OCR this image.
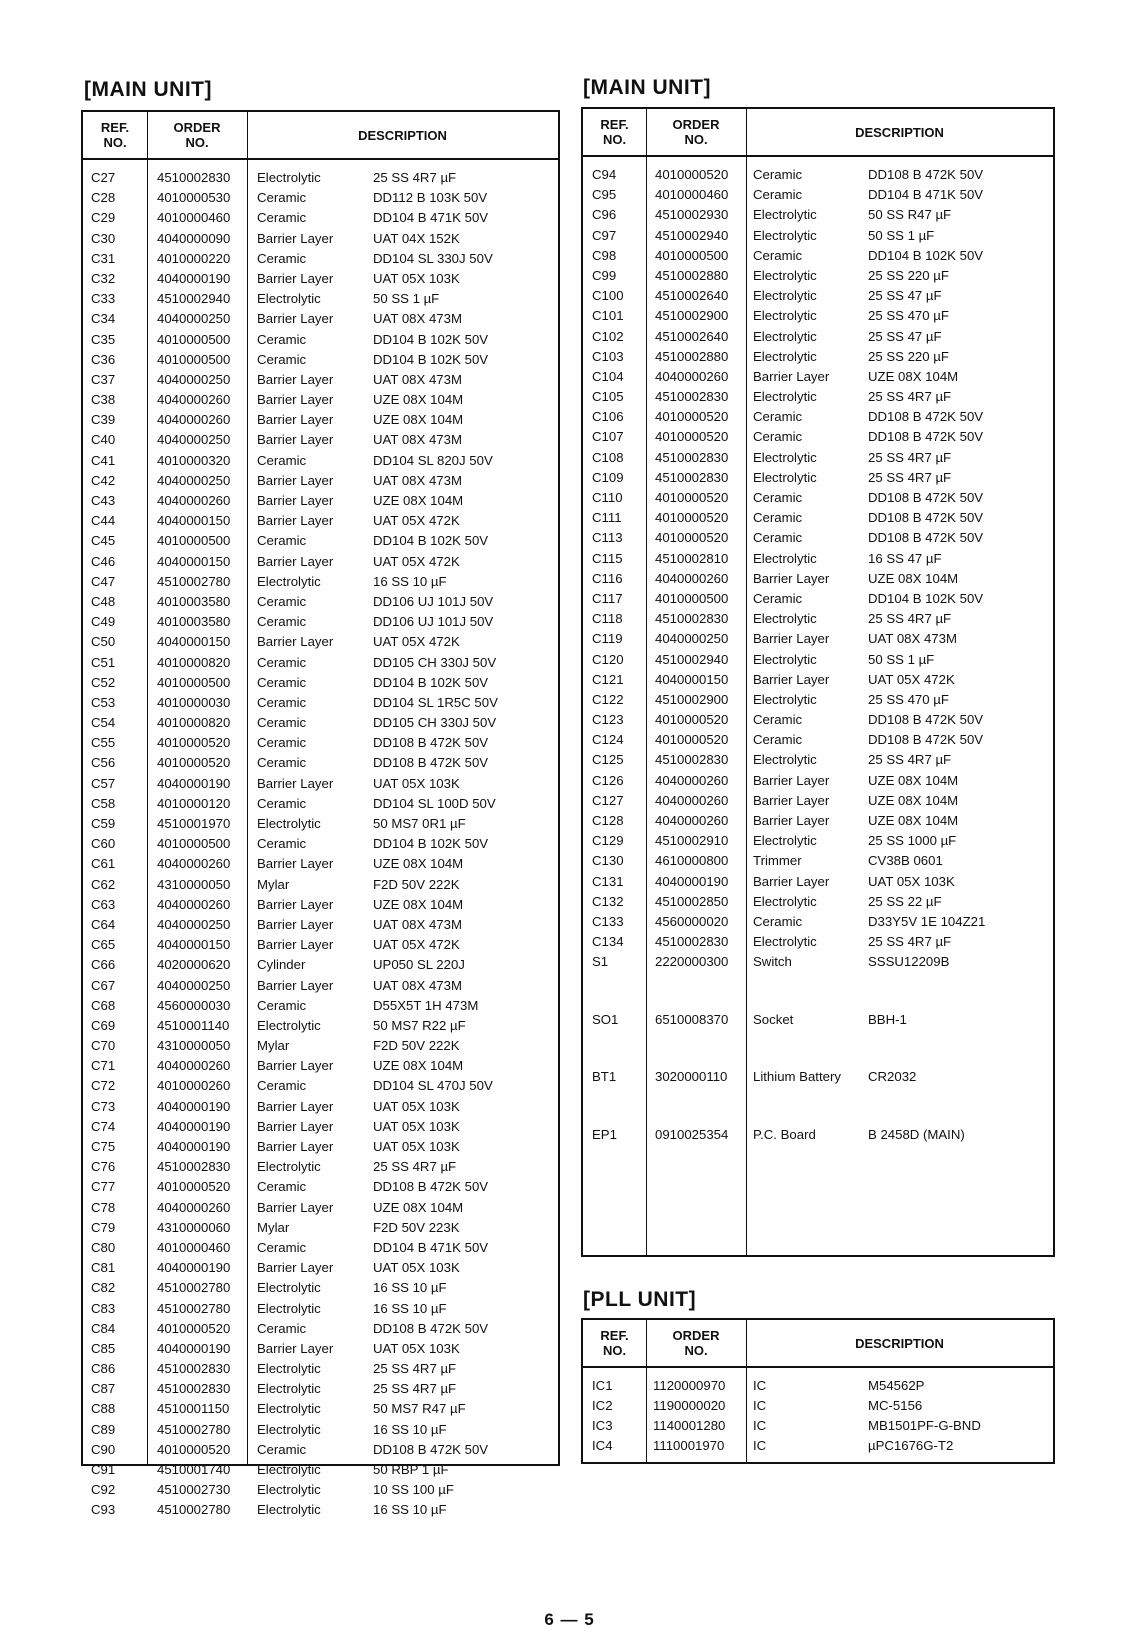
[MAIN UNIT]
REF.
NO.
ORDER
NO.	DESCRIPTION
C27	4510002830 Electrolytic	25 SS 4R7 µF
C28	4010000530 Ceramic	DD112 B 103K 50V
C29	4010000460 Ceramic	DD104 B 471K 50V
C30	4040000090 Barrier Layer	UAT 04X 152K
C31	4010000220 Ceramic	DD104 SL 330J 50V
C32	4040000190 Barrier Layer	UAT 05X 103K
C33	4510002940 Electrolytic	50 SS 1 µF
C34	4040000250 Barrier Layer	UAT 08X 473M
C35	4010000500 Ceramic	DD104 B 102K 50V
C36	4010000500 Ceramic	DD104 B 102K 50V
C37	4040000250 Barrier Layer	UAT 08X 473M
C38	4040000260 Barrier Layer	UZE 08X 104M
C39	4040000260 Barrier Layer	UZE 08X 104M
C40	4040000250 Barrier Layer	UAT 08X 473M
C41	4010000320 Ceramic	DD104 SL 820J 50V
C42	4040000250 Barrier Layer	UAT 08X 473M
C43	4040000260 Barrier Layer	UZE 08X 104M
C44	4040000150 Barrier Layer	UAT 05X 472K
C45	4010000500 Ceramic	DD104 B 102K 50V
C46	4040000150 Barrier Layer	UAT 05X 472K
C47	4510002780 Electrolytic	16 SS 10 µF
C48	4010003580 Ceramic	DD106 UJ 101J 50V
C49	4010003580 Ceramic	DD106 UJ 101J 50V
C50	4040000150 Barrier Layer	UAT 05X 472K
C51	4010000820 Ceramic	DD105 CH 330J 50V
C52	4010000500 Ceramic	DD104 B 102K 50V
C53	4010000030 Ceramic	DD104 SL 1R5C 50V
C54	4010000820 Ceramic	DD105 CH 330J 50V
C55	4010000520 Ceramic	DD108 B 472K 50V
C56	4010000520 Ceramic	DD108 B 472K 50V
C57	4040000190 Barrier Layer	UAT 05X 103K
C58	4010000120 Ceramic	DD104 SL 100D 50V
C59	4510001970 Electrolytic	50 MS7 0R1 µF
C60	4010000500 Ceramic	DD104 B 102K 50V
C61	4040000260 Barrier Layer	UZE 08X 104M
C62	4310000050 Mylar	F2D 50V 222K
C63	4040000260 Barrier Layer	UZE 08X 104M
C64	4040000250 Barrier Layer	UAT 08X 473M
C65	4040000150 Barrier Layer	UAT 05X 472K
C66	4020000620 Cylinder	UP050 SL 220J
C67	4040000250 Barrier Layer	UAT 08X 473M
C68	4560000030 Ceramic	D55X5T 1H 473M
C69	4510001140 Electrolytic	50 MS7 R22 µF
C70	4310000050 Mylar	F2D 50V 222K
C71	4040000260 Barrier Layer	UZE 08X 104M
C72	4010000260 Ceramic	DD104 SL 470J 50V
C73	4040000190 Barrier Layer	UAT 05X 103K
C74	4040000190 Barrier Layer	UAT 05X 103K
C75	4040000190 Barrier Layer	UAT 05X 103K
C76	4510002830 Electrolytic	25 SS 4R7 µF
C77	4010000520 Ceramic	DD108 B 472K 50V
C78	4040000260 Barrier Layer	UZE 08X 104M
C79	4310000060 Mylar	F2D 50V 223K
C80	4010000460 Ceramic	DD104 B 471K 50V
C81	4040000190 Barrier Layer	UAT 05X 103K
C82	4510002780 Electrolytic	16 SS 10 µF
C83	4510002780 Electrolytic	16 SS 10 µF
C84	4010000520 Ceramic	DD108 B 472K 50V
C85	4040000190 Barrier Layer	UAT 05X 103K
C86	4510002830 Electrolytic	25 SS 4R7 µF
C87	4510002830 Electrolytic	25 SS 4R7 µF
C88	4510001150 Electrolytic	50 MS7 R47 µF
C89	4510002780 Electrolytic	16 SS 10 µF
C90	4010000520 Ceramic	DD108 B 472K 50V
C91	4510001740 Electrolytic	50 RBP 1 µF
C92	4510002730 Electrolytic	10 SS 100 µF
C93	4510002780 Electrolytic	16 SS 10 µF
[MAIN UNIT]
REF.
NO.
ORDER
NO.	DESCRIPTION
C94	4010000520 Ceramic	DD108 B 472K 50V
C95	4010000460 Ceramic	DD104 B 471K 50V
C96	4510002930 Electrolytic	50 SS R47 µF
C97	4510002940 Electrolytic	50 SS 1 µF
C98	4010000500 Ceramic	DD104 B 102K 50V
C99	4510002880 Electrolytic	25 SS 220 µF
C100 4510002640 Electrolytic	25 SS 47 µF
C101 4510002900 Electrolytic	25 SS 470 µF
C102 4510002640 Electrolytic	25 SS 47 µF
C103 4510002880 Electrolytic	25 SS 220 µF
C104 4040000260 Barrier Layer	UZE 08X 104M
C105 4510002830 Electrolytic	25 SS 4R7 µF
C106 4010000520 Ceramic	DD108 B 472K 50V
C107 4010000520 Ceramic	DD108 B 472K 50V
C108 4510002830 Electrolytic	25 SS 4R7 µF
C109 4510002830 Electrolytic	25 SS 4R7 µF
C110 4010000520 Ceramic	DD108 B 472K 50V
C111	4010000520 Ceramic	DD108 B 472K 50V
C113 4010000520 Ceramic	DD108 B 472K 50V
C115 4510002810 Electrolytic	16 SS 47 µF
C116 4040000260 Barrier Layer	UZE 08X 104M
C117 4010000500 Ceramic	DD104 B 102K 50V
C118 4510002830 Electrolytic	25 SS 4R7 µF
C119 4040000250 Barrier Layer	UAT 08X 473M
C120 4510002940 Electrolytic	50 SS 1 µF
C121 4040000150 Barrier Layer	UAT 05X 472K
C122 4510002900 Electrolytic	25 SS 470 µF
C123 4010000520 Ceramic	DD108 B 472K 50V
C124 4010000520 Ceramic	DD108 B 472K 50V
C125 4510002830 Electrolytic	25 SS 4R7 µF
C126 4040000260 Barrier Layer	UZE 08X 104M
C127 4040000260 Barrier Layer	UZE 08X 104M
C128 4040000260 Barrier Layer	UZE 08X 104M
C129 4510002910 Electrolytic	25 SS 1000 µF
C130 4610000800 Trimmer	CV38B 0601
C131 4040000190 Barrier Layer	UAT 05X 103K
C132 4510002850 Electrolytic	25 SS 22 µF
C133 4560000020 Ceramic	D33Y5V 1E 104Z21
C134 4510002830 Electrolytic	25 SS 4R7 µF
S1	2220000300 Switch	SSSU12209B
SO1	6510008370 Socket	BBH-1
BT1	3020000110 Lithium Battery CR2032
EP1	0910025354 P.C. Board	B 2458D (MAIN)
[PLL UNIT]
REF.
NO.
ORDER
NO.	DESCRIPTION
IC1	1120000970 IC	M54562P
IC2	1190000020 IC	MC-5156
IC3	1140001280 IC	MB1501PF-G-BND
IC4	1110001970 IC	µPC1676G-T2
6 — 5
